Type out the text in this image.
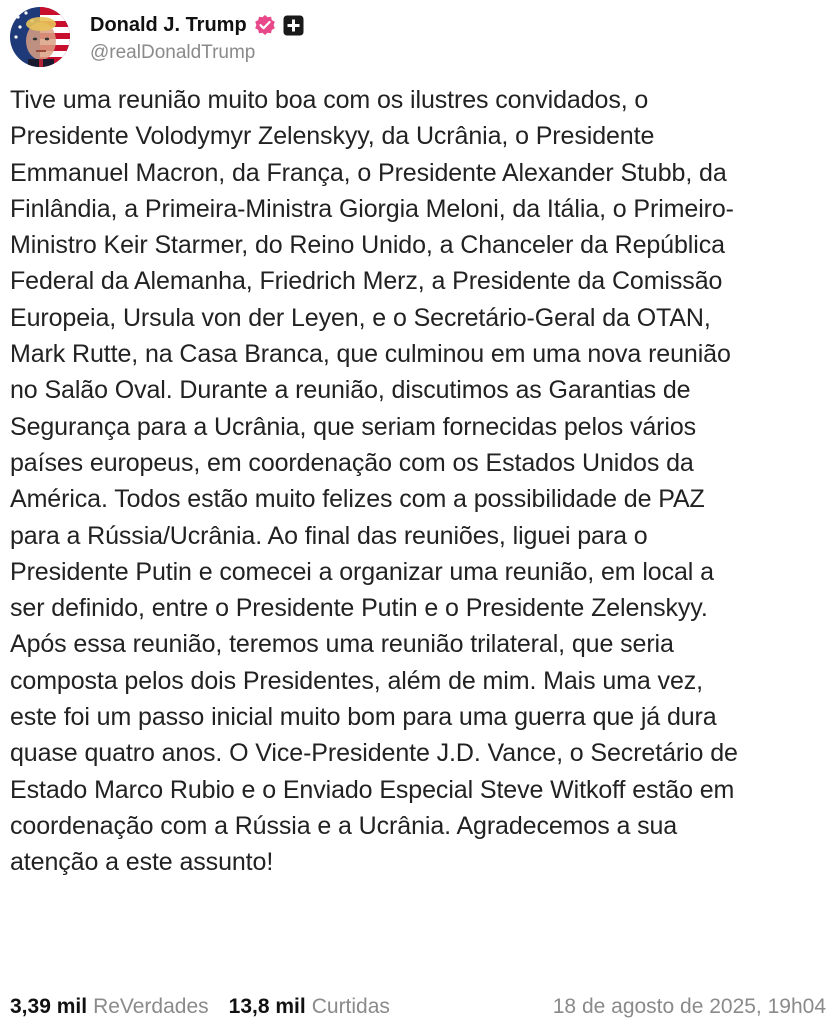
Donald J. Trump
@realDonaldTrump
Tive uma reunião muito boa com os ilustres convidados, o
Presidente Volodymyr Zelenskyy, da Ucrânia, o Presidente
Emmanuel Macron, da França, o Presidente Alexander Stubb, da
Finlândia, a Primeira-Ministra Giorgia Meloni, da Itália, o Primeiro-
Ministro Keir Starmer, do Reino Unido, a Chanceler da República
Federal da Alemanha, Friedrich Merz, a Presidente da Comissão
Europeia, Ursula von der Leyen, e o Secretário-Geral da OTAN,
Mark Rutte, na Casa Branca, que culminou em uma nova reunião
no Salão Oval. Durante a reunião, discutimos as Garantias de
Segurança para a Ucrânia, que seriam fornecidas pelos vários
países europeus, em coordenação com os Estados Unidos da
América. Todos estão muito felizes com a possibilidade de PAZ
para a Rússia/Ucrânia. Ao final das reuniões, liguei para o
Presidente Putin e comecei a organizar uma reunião, em local a
ser definido, entre o Presidente Putin e o Presidente Zelenskyy.
Após essa reunião, teremos uma reunião trilateral, que seria
composta pelos dois Presidentes, além de mim. Mais uma vez,
este foi um passo inicial muito bom para uma guerra que já dura
quase quatro anos. O Vice-Presidente J.D. Vance, o Secretário de
Estado Marco Rubio e o Enviado Especial Steve Witkoff estão em
coordenação com a Rússia e a Ucrânia. Agradecemos a sua
atenção a este assunto!
3,39 mil ReVerdades 13,8 mil Curtidas	18 de agosto de 2025, 19h04
